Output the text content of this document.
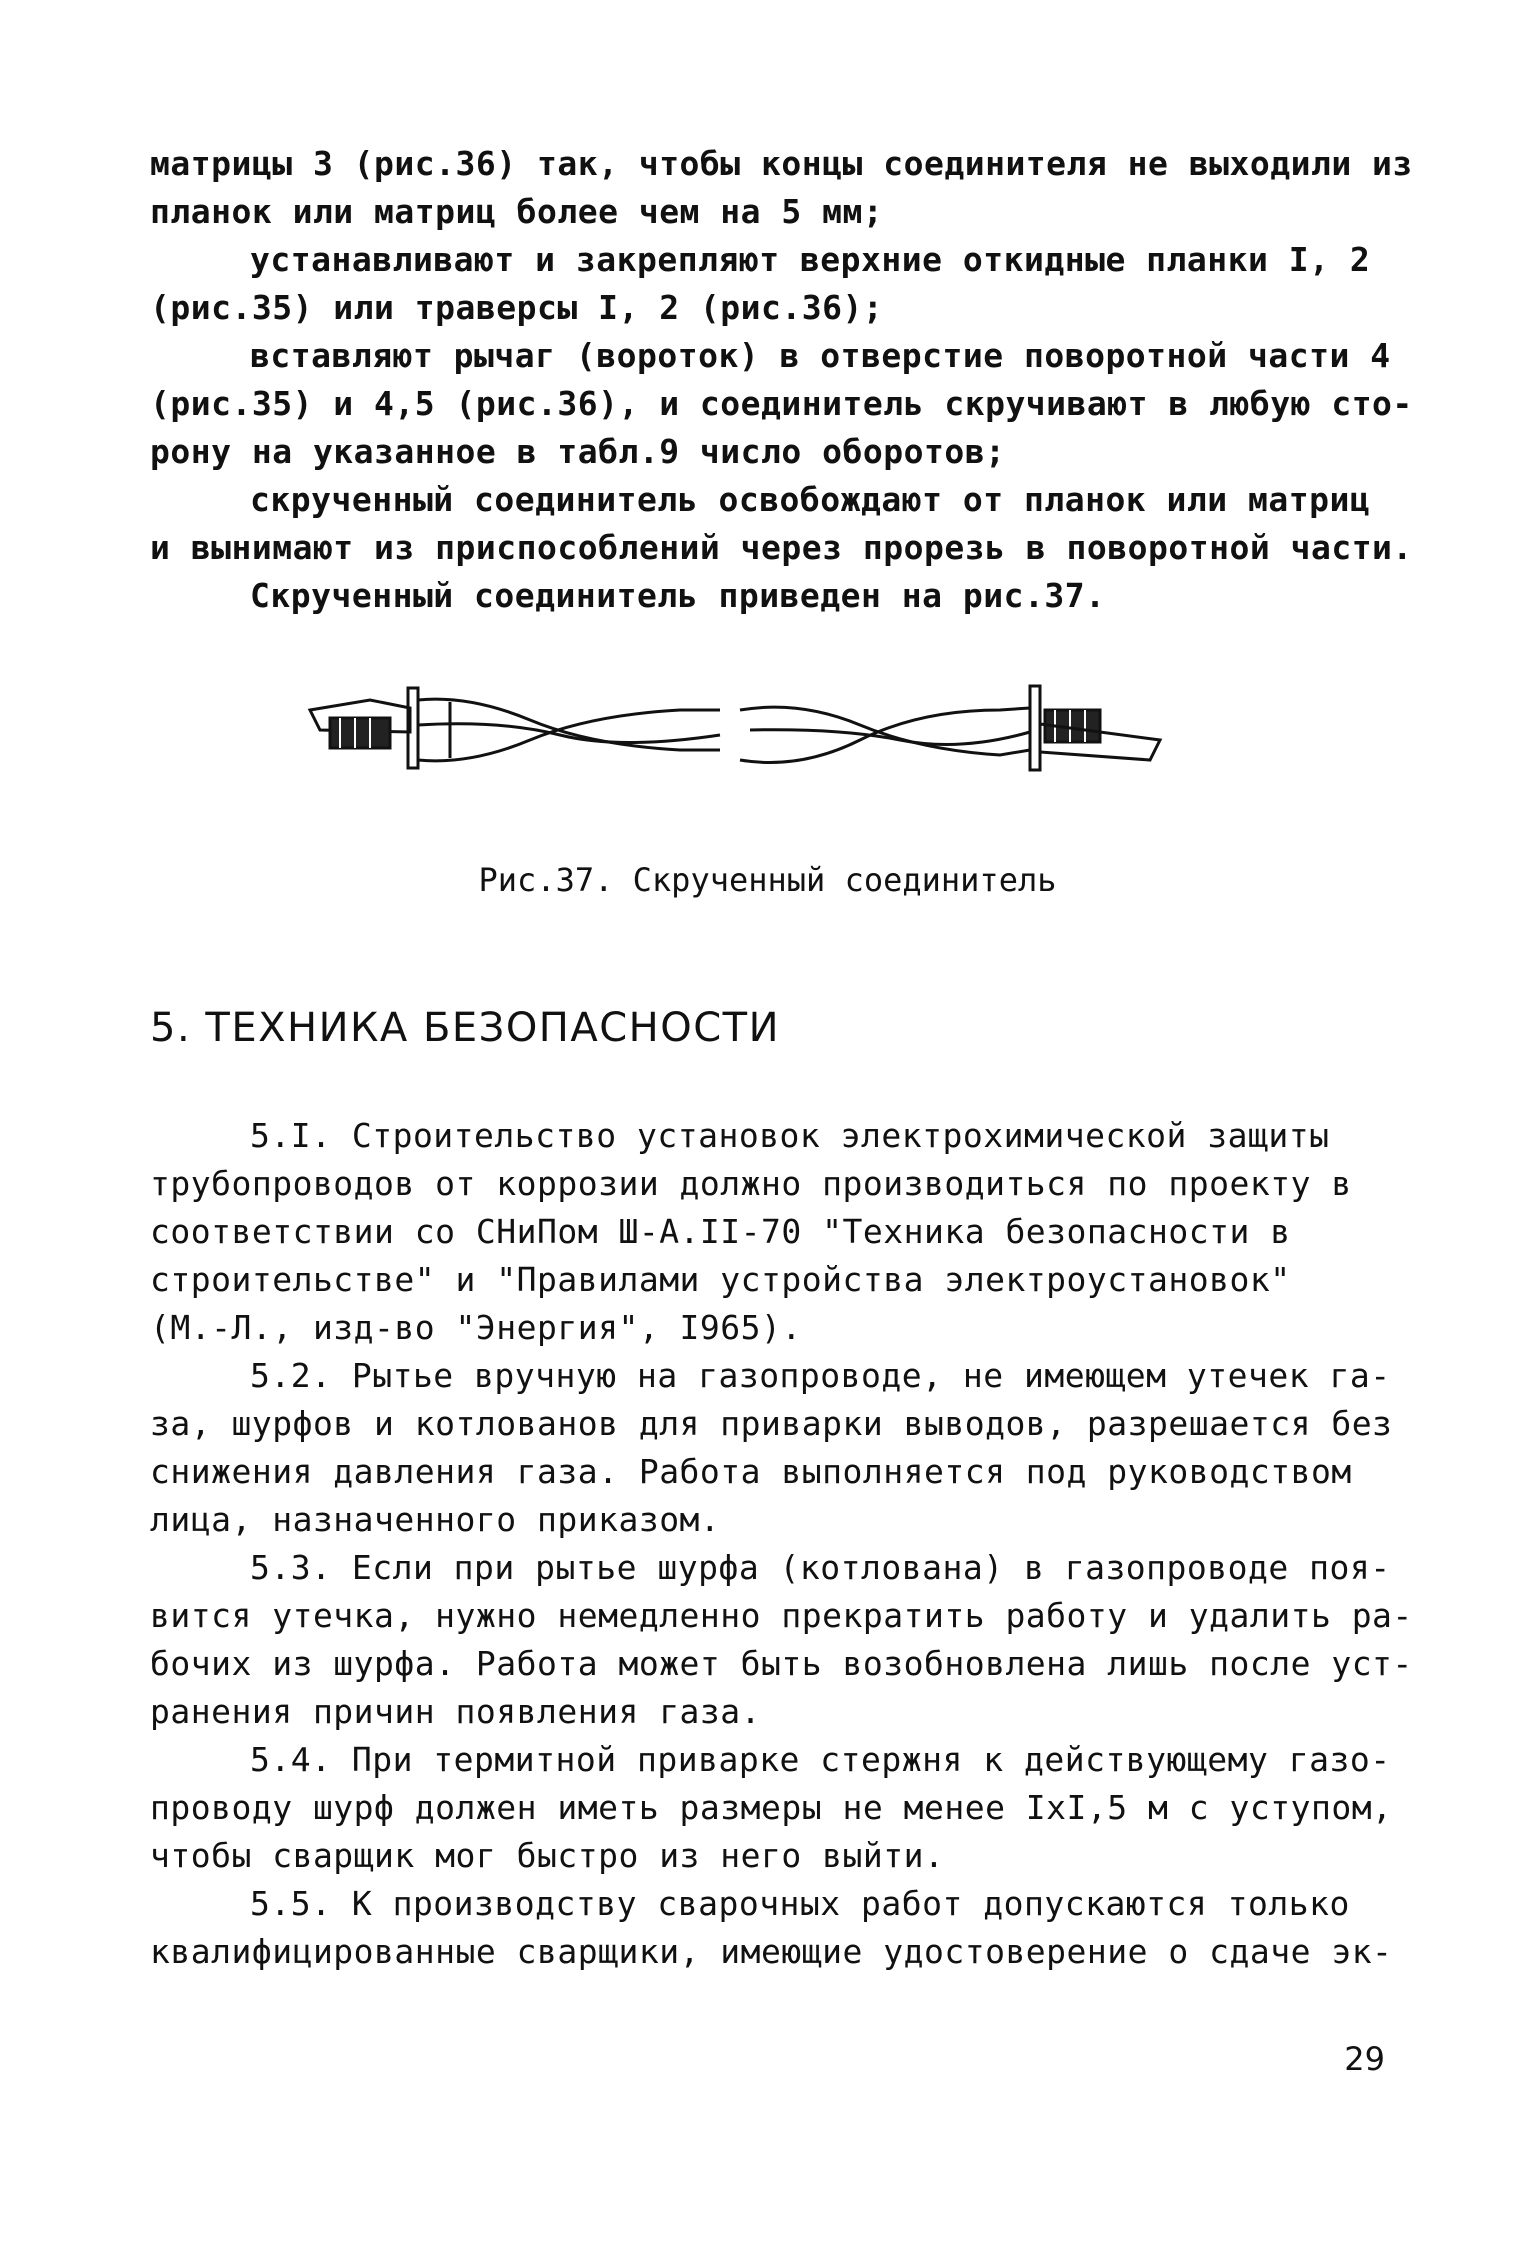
матрицы 3 (рис.36) так, чтобы концы соединителя не выходили из
планок или матриц более чем на 5 мм;
устанавливают и закрепляют верхние откидные планки I, 2
(рис.35) или траверсы I, 2 (рис.36);
вставляют рычаг (вороток) в отверстие поворотной части 4
(рис.35) и 4,5 (рис.36), и соединитель скручивают в любую сто-
рону на указанное в табл.9 число оборотов;
скрученный соединитель освобождают от планок или матриц
и вынимают из приспособлений через прорезь в поворотной части.
Скрученный соединитель приведен на рис.37.
Рис.37. Скрученный соединитель
5. ТЕХНИКА БЕЗОПАСНОСТИ
5.I. Строительство установок электрохимической защиты
трубопроводов от коррозии должно производиться по проекту в
соответствии со СНиПом Ш-А.II-70 "Техника безопасности в
строительстве" и "Правилами устройства электроустановок"
(М.-Л., изд-во "Энергия", I965).
5.2. Рытье вручную на газопроводе, не имеющем утечек га-
за, шурфов и котлованов для приварки выводов, разрешается без
снижения давления газа. Работа выполняется под руководством
лица, назначенного приказом.
5.3. Если при рытье шурфа (котлована) в газопроводе поя-
вится утечка, нужно немедленно прекратить работу и удалить ра-
бочих из шурфа. Работа может быть возобновлена лишь после уст-
ранения причин появления газа.
5.4. При термитной приварке стержня к действующему газо-
проводу шурф должен иметь размеры не менее IxI,5 м с уступом,
чтобы сварщик мог быстро из него выйти.
5.5. К производству сварочных работ допускаются только
квалифицированные сварщики, имеющие удостоверение о сдаче эк-
29
